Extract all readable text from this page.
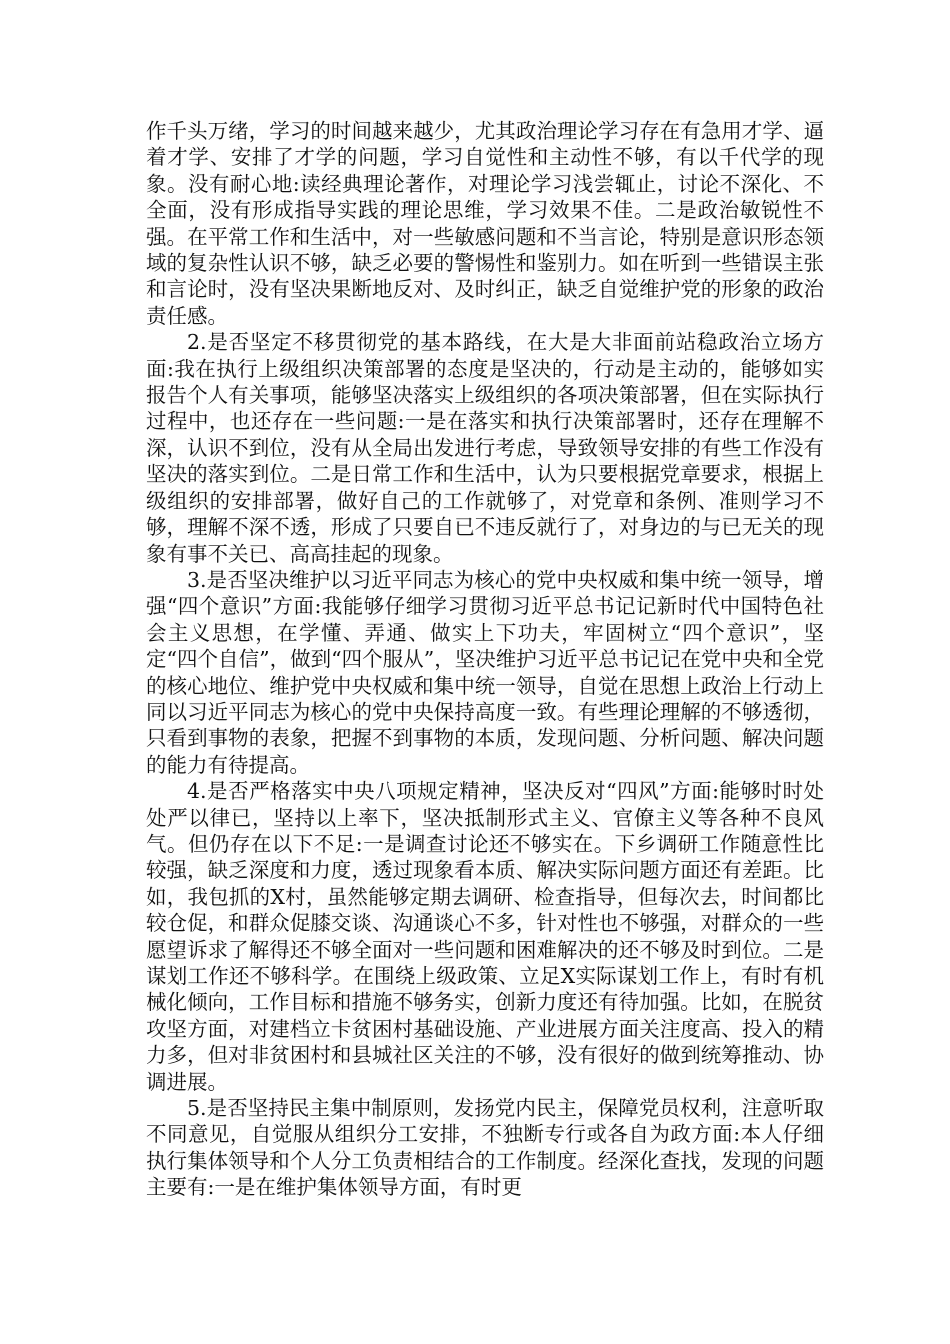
作千头万绪，学习的时间越来越少，尤其政治理论学习存在有急用才学、逼着才学、安排了才学的问题，学习自觉性和主动性不够，有以千代学的现象。没有耐心地:读经典理论著作，对理论学习浅尝辄止，讨论不深化、不全面，没有形成指导实践的理论思维，学习效果不佳。二是政治敏锐性不强。在平常工作和生活中，对一些敏感问题和不当言论，特别是意识形态领域的复杂性认识不够，缺乏必要的警惕性和鉴别力。如在听到一些错误主张和言论时，没有坚决果断地反对、及时纠正，缺乏自觉维护党的形象的政治责任感。

2.是否坚定不移贯彻党的基本路线，在大是大非面前站稳政治立场方面:我在执行上级组织决策部署的态度是坚决的，行动是主动的，能够如实报告个人有关事项，能够坚决落实上级组织的各项决策部署，但在实际执行过程中，也还存在一些问题:一是在落实和执行决策部署时，还存在理解不深，认识不到位，没有从全局出发进行考虑，导致领导安排的有些工作没有坚决的落实到位。二是日常工作和生活中，认为只要根据党章要求，根据上级组织的安排部署，做好自己的工作就够了，对党章和条例、准则学习不够，理解不深不透，形成了只要自已不违反就行了，对身边的与已无关的现象有事不关已、高高挂起的现象。

3.是否坚决维护以习近平同志为核心的党中央权威和集中统一领导，增强“四个意识”方面:我能够仔细学习贯彻习近平总书记记新时代中国特色社会主义思想，在学懂、弄通、做实上下功夫，牢固树立“四个意识”，坚定“四个自信”，做到“四个服从”，坚决维护习近平总书记记在党中央和全党的核心地位、维护党中央权威和集中统一领导，自觉在思想上政治上行动上同以习近平同志为核心的党中央保持高度一致。有些理论理解的不够透彻，只看到事物的表象，把握不到事物的本质，发现问题、分析问题、解决问题的能力有待提高。

4.是否严格落实中央八项规定精神，坚决反对“四风”方面:能够时时处处严以律已，坚持以上率下，坚决抵制形式主义、官僚主义等各种不良风气。但仍存在以下不足:一是调查讨论还不够实在。下乡调研工作随意性比较强，缺乏深度和力度，透过现象看本质、解决实际问题方面还有差距。比如，我包抓的X村，虽然能够定期去调研、检查指导，但每次去，时间都比较仓促，和群众促膝交谈、沟通谈心不多，针对性也不够强，对群众的一些愿望诉求了解得还不够全面对一些问题和困难解决的还不够及时到位。二是谋划工作还不够科学。在围绕上级政策、立足X实际谋划工作上，有时有机械化倾向，工作目标和措施不够务实，创新力度还有待加强。比如，在脱贫攻坚方面，对建档立卡贫困村基础设施、产业进展方面关注度高、投入的精力多，但对非贫困村和县城社区关注的不够，没有很好的做到统筹推动、协调进展。

5.是否坚持民主集中制原则，发扬党内民主，保障党员权利，注意听取不同意见，自觉服从组织分工安排，不独断专行或各自为政方面:本人仔细执行集体领导和个人分工负责相结合的工作制度。经深化查找，发现的问题主要有:一是在维护集体领导方面，有时更
